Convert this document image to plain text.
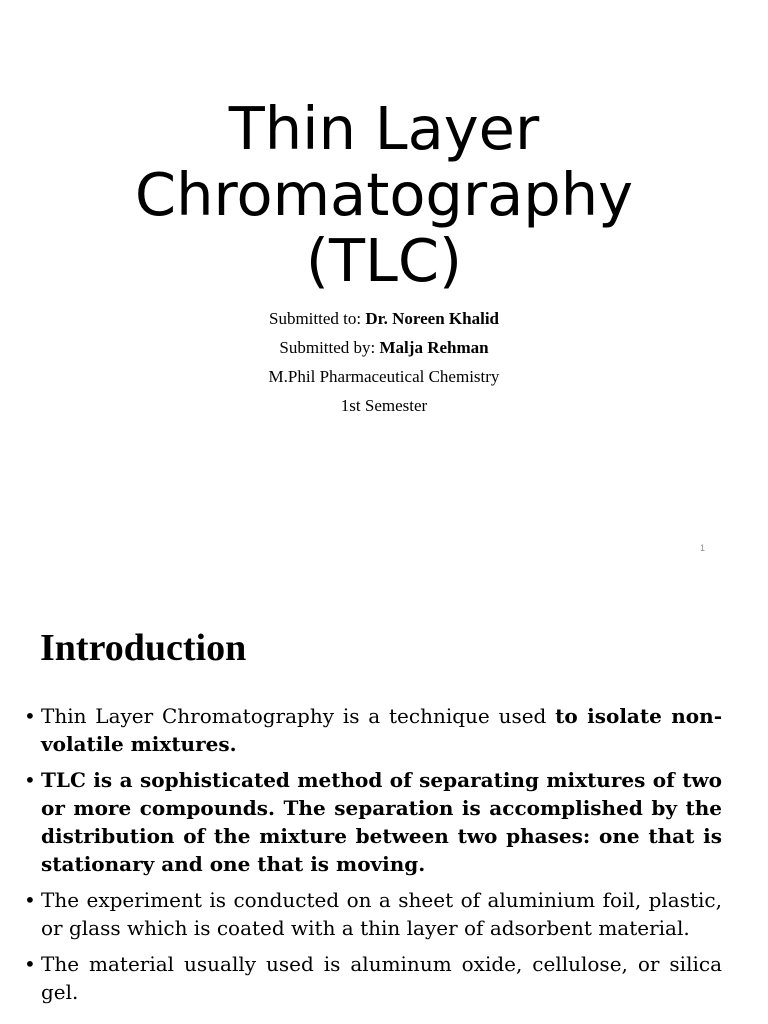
Thin Layer
Chromatography
(TLC)
Submitted to: Dr. Noreen Khalid
Submitted by: Malja Rehman
M.Phil Pharmaceutical Chemistry
1st Semester
1
Introduction
• Thin Layer Chromatography is a technique used to isolate non-volatile mixtures.
• TLC is a sophisticated method of separating mixtures of two or more compounds. The separation is accomplished by the distribution of the mixture between two phases: one that is stationary and one that is moving.
• The experiment is conducted on a sheet of aluminium foil, plastic, or glass which is coated with a thin layer of adsorbent material.
• The material usually used is aluminum oxide, cellulose, or silica gel.
